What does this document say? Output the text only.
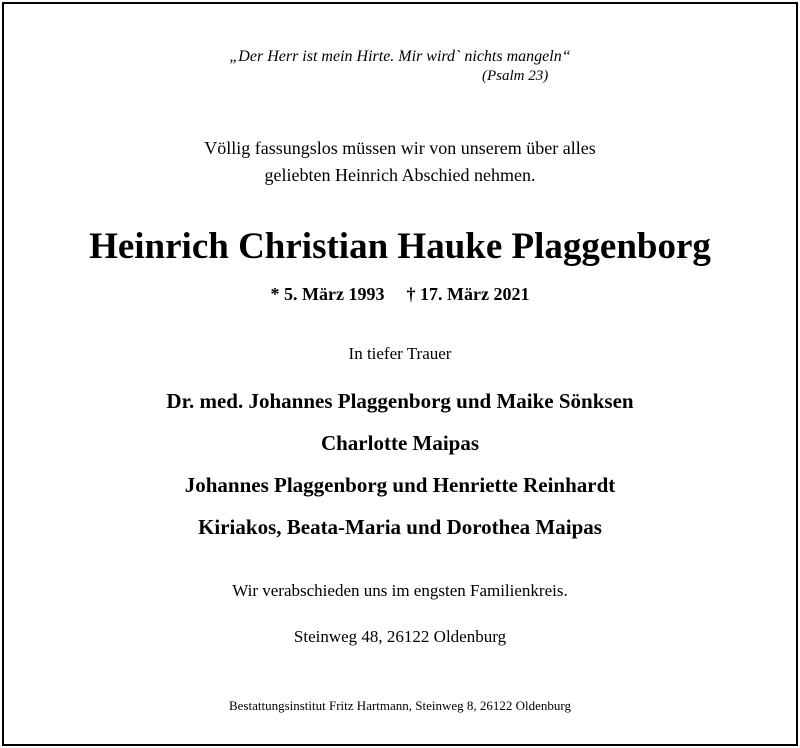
„Der Herr ist mein Hirte. Mir wird` nichts mangeln“
(Psalm 23)
Völlig fassungslos müssen wir von unserem über alles
geliebten Heinrich Abschied nehmen.
Heinrich Christian Hauke Plaggenborg
* 5. März 1993 † 17. März 2021
In tiefer Trauer
Dr. med. Johannes Plaggenborg und Maike Sönksen
Charlotte Maipas
Johannes Plaggenborg und Henriette Reinhardt
Kiriakos, Beata-Maria und Dorothea Maipas
Wir verabschieden uns im engsten Familienkreis.
Steinweg 48, 26122 Oldenburg
Bestattungsinstitut Fritz Hartmann, Steinweg 8, 26122 Oldenburg
